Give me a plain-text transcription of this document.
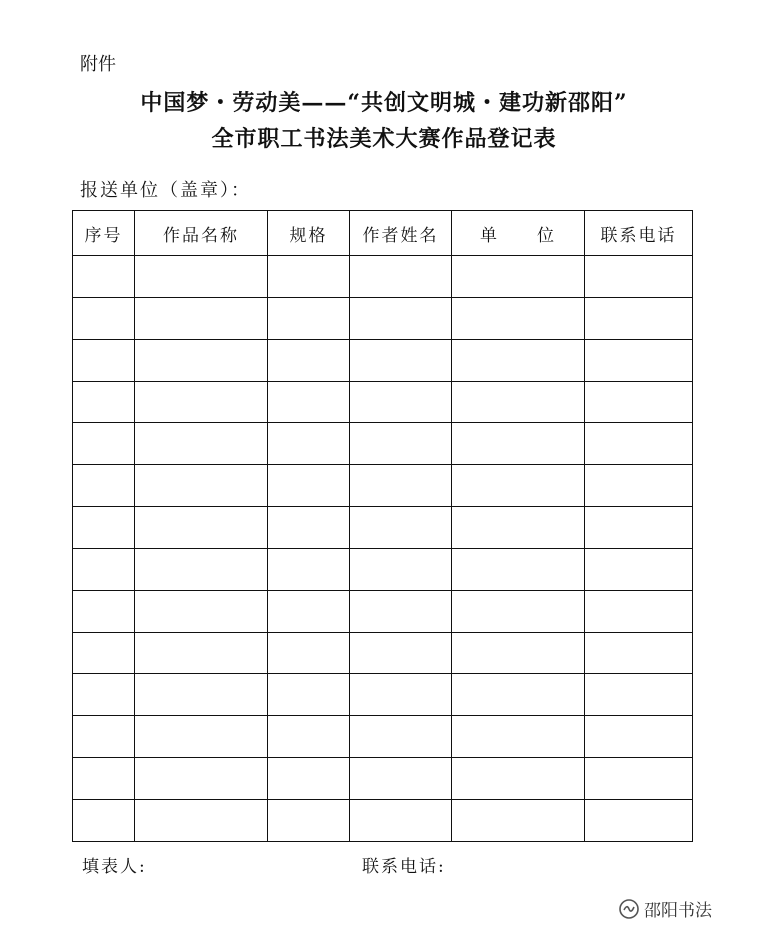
附件
中国梦・劳动美——“共创文明城・建功新邵阳”
全市职工书法美术大赛作品登记表
报送单位（盖章）：
序号	作品名称	规格	作者姓名	单　　位	联系电话

填表人:	联系电话:
邵阳书法
